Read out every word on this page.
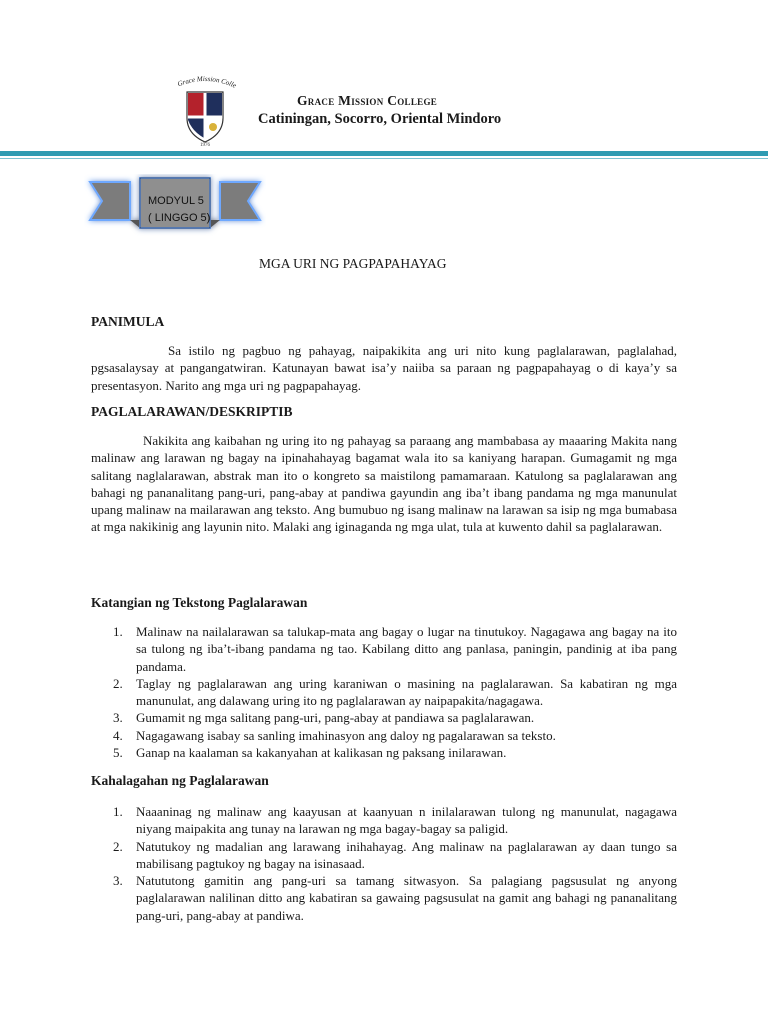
Grace Mission Colle
1976
Grace Mission College
Catiningan, Socorro, Oriental Mindoro
MODYUL 5
( LINGGO 5)
MGA URI NG PAGPAPAHAYAG
PANIMULA
Sa istilo ng pagbuo ng pahayag, naipakikita ang uri nito kung paglalarawan, paglalahad, pgsasalaysay at pangangatwiran. Katunayan bawat isa’y naiiba sa paraan ng pagpapahayag o di kaya’y sa presentasyon. Narito ang mga uri ng pagpapahayag.
PAGLALARAWAN/DESKRIPTIB
Nakikita ang kaibahan ng uring ito ng pahayag sa paraang ang mambabasa ay maaaring Makita nang malinaw ang larawan ng bagay na ipinahahayag bagamat wala ito sa kaniyang harapan. Gumagamit ng mga salitang naglalarawan, abstrak man ito o kongreto sa maistilong pamamaraan. Katulong sa paglalarawan ang bahagi ng pananalitang pang-uri, pang-abay at pandiwa gayundin ang iba’t ibang pandama ng mga manunulat upang malinaw na mailarawan ang teksto. Ang bumubuo ng isang malinaw na larawan sa isip ng mga bumabasa at mga nakikinig ang layunin nito. Malaki ang iginaganda ng mga ulat, tula at kuwento dahil sa paglalarawan.
Katangian ng Tekstong Paglalarawan
1. Malinaw na nailalarawan sa talukap-mata ang bagay o lugar na tinutukoy. Nagagawa ang bagay na ito sa tulong ng iba’t-ibang pandama ng tao. Kabilang ditto ang panlasa, paningin, pandinig at iba pang pandama.
2. Taglay ng paglalarawan ang uring karaniwan o masining na paglalarawan. Sa kabatiran ng mga manunulat, ang dalawang uring ito ng paglalarawan ay naipapakita/nagagawa.
3. Gumamit ng mga salitang pang-uri, pang-abay at pandiawa sa paglalarawan.
4. Nagagawang isabay sa sanling imahinasyon ang daloy ng pagalarawan sa teksto.
5. Ganap na kaalaman sa kakanyahan at kalikasan ng paksang inilarawan.
Kahalagahan ng Paglalarawan
1. Naaaninag ng malinaw ang kaayusan at kaanyuan n inilalarawan tulong ng manunulat, nagagawa niyang maipakita ang tunay na larawan ng mga bagay-bagay sa paligid.
2. Natutukoy ng madalian ang larawang inihahayag. Ang malinaw na paglalarawan ay daan tungo sa mabilisang pagtukoy ng bagay na isinasaad.
3. Natututong gamitin ang pang-uri sa tamang sitwasyon. Sa palagiang pagsusulat ng anyong paglalarawan nalilinan ditto ang kabatiran sa gawaing pagsusulat na gamit ang bahagi ng pananalitang pang-uri, pang-abay at pandiwa.
